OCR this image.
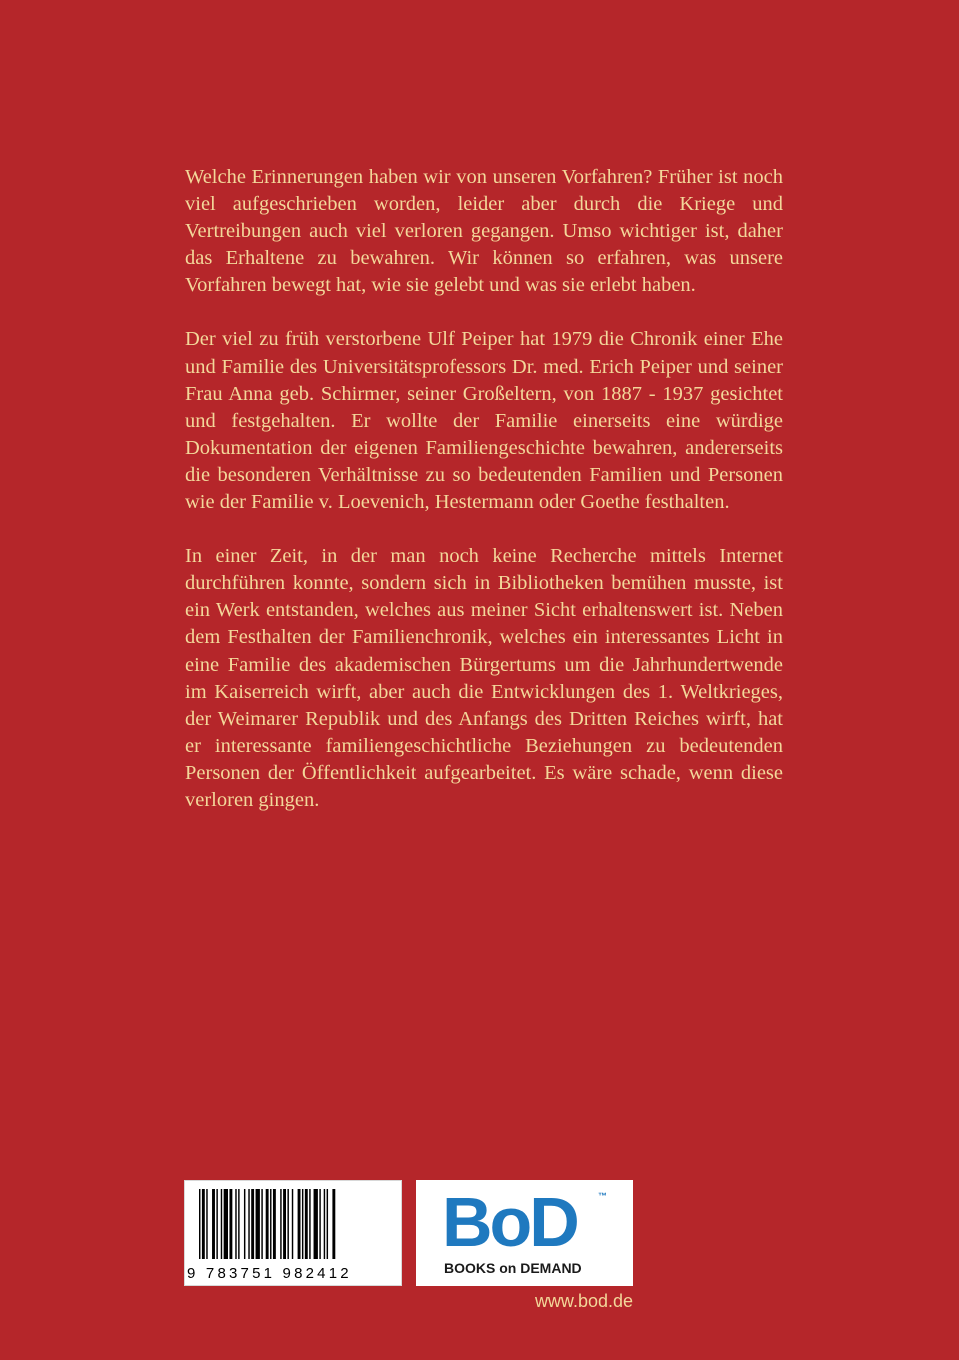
Welche Erinnerungen haben wir von unseren Vorfahren? Früher ist noch viel aufgeschrieben worden, leider aber durch die Kriege und Vertreibungen auch viel verloren gegangen. Umso wichtiger ist, daher das Erhaltene zu bewahren. Wir können so erfahren, was unsere Vorfahren bewegt hat, wie sie gelebt und was sie erlebt haben.

Der viel zu früh verstorbene Ulf Peiper hat 1979 die Chronik einer Ehe und Familie des Universitätsprofessors Dr. med. Erich Peiper und seiner Frau Anna geb. Schirmer, seiner Großeltern, von 1887 - 1937 gesichtet und festgehalten. Er wollte der Familie einerseits eine würdige Dokumentation der eigenen Familiengeschichte bewahren, andererseits die besonderen Verhältnisse zu so bedeutenden Familien und Personen wie der Familie v. Loevenich, Hestermann oder Goethe festhalten.

In einer Zeit, in der man noch keine Recherche mittels Internet durchführen konnte, sondern sich in Bibliotheken bemühen musste, ist ein Werk entstanden, welches aus meiner Sicht erhaltenswert ist. Neben dem Festhalten der Familienchronik, welches ein interessantes Licht in eine Familie des akademischen Bürgertums um die Jahrhundertwende im Kaiserreich wirft, aber auch die Entwicklungen des 1. Weltkrieges, der Weimarer Republik und des Anfangs des Dritten Reiches wirft, hat er interessante familiengeschichtliche Beziehungen zu bedeutenden Personen der Öffentlichkeit aufgearbeitet. Es wäre schade, wenn diese verloren gingen.

9 783751 982412
BoD ™
BOOKS on DEMAND
www.bod.de
